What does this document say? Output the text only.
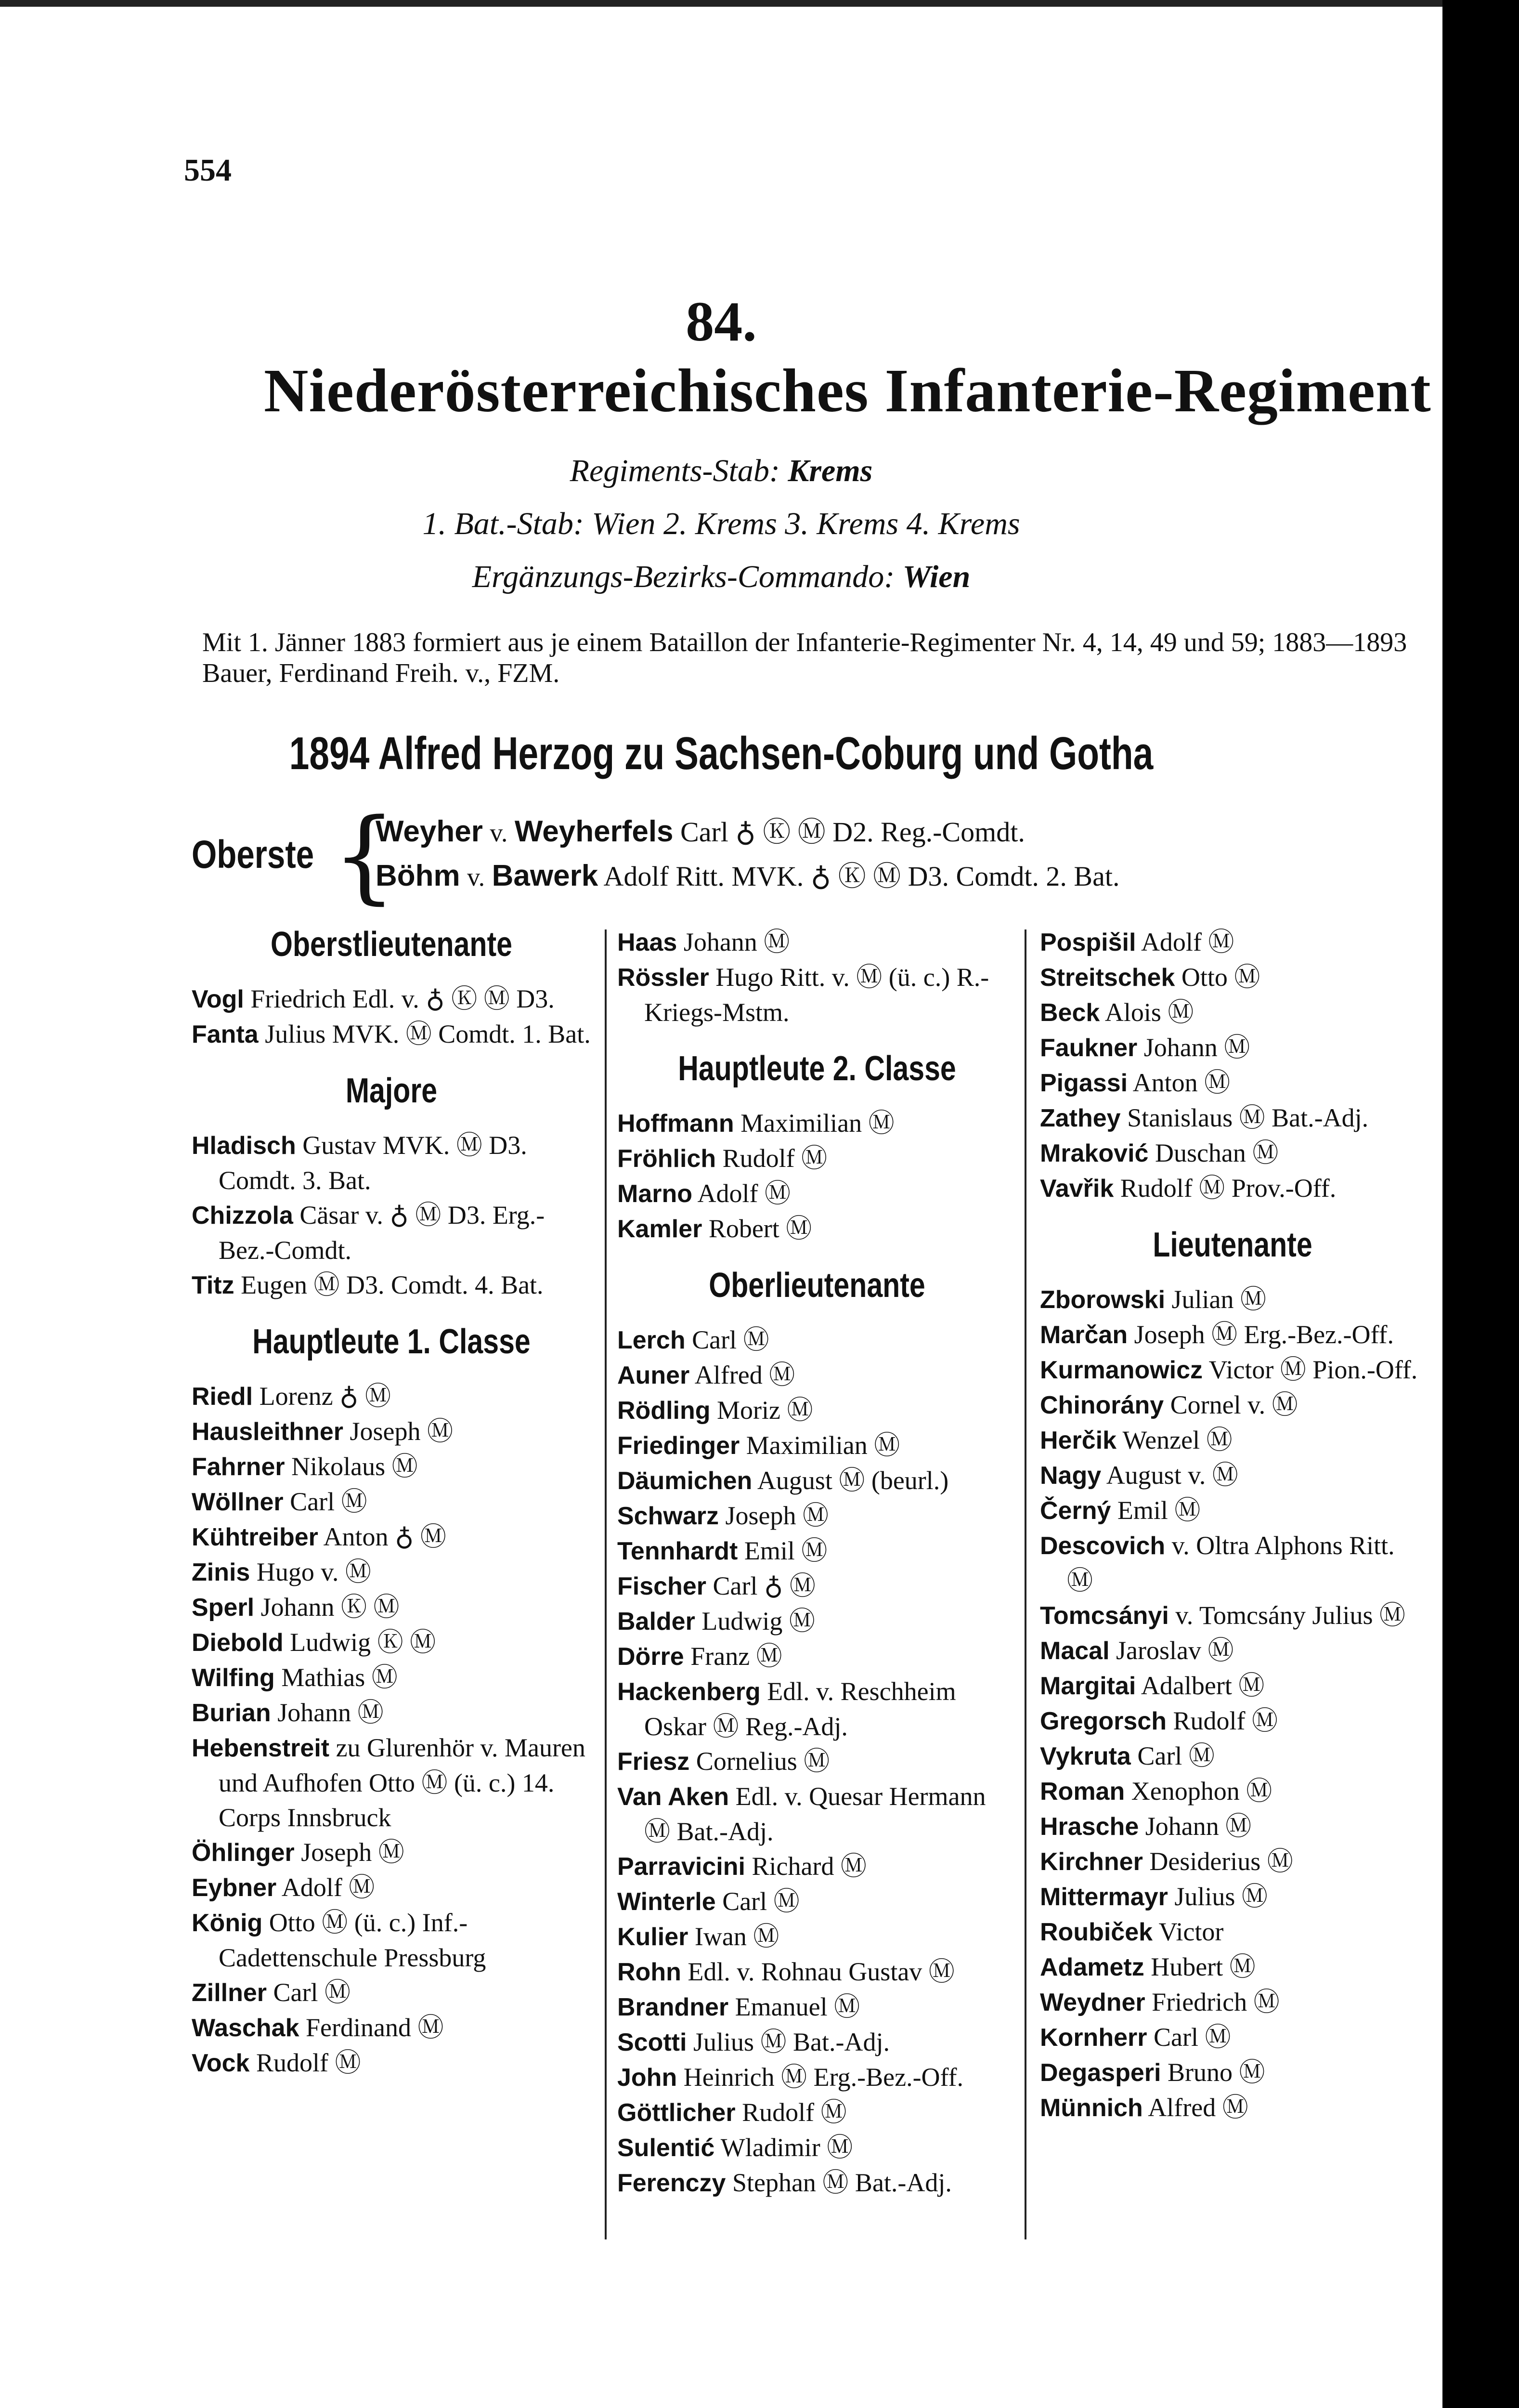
554
84.
Niederösterreichisches Infanterie-Regiment
Regiments-Stab: Krems
1. Bat.-Stab: Wien 2. Krems 3. Krems 4. Krems
Ergänzungs-Bezirks-Commando: Wien
Mit 1. Jänner 1883 formiert aus je einem Bataillon der Infanterie-Regimenter Nr. 4, 14, 49 und 59; 1883—1893 Bauer, Ferdinand Freih. v., FZM.
1894 Alfred Herzog zu Sachsen-Coburg und Gotha
Oberste {
Weyher v. Weyherfels Carl ♁ Ⓚ Ⓜ D2. Reg.-Comdt.
Böhm v. Bawerk Adolf Ritt. MVK. ♁ Ⓚ Ⓜ D3. Comdt. 2. Bat.
Oberstlieutenante
Vogl Friedrich Edl. v. ♁ Ⓚ Ⓜ D3.
Fanta Julius MVK. Ⓜ Comdt. 1. Bat.
Majore
Hladisch Gustav MVK. Ⓜ D3. Comdt. 3. Bat.
Chizzola Cäsar v. ♁ Ⓜ D3. Erg.-Bez.-Comdt.
Titz Eugen Ⓜ D3. Comdt. 4. Bat.
Hauptleute 1. Classe
Riedl Lorenz ♁ Ⓜ
Hausleithner Joseph Ⓜ
Fahrner Nikolaus Ⓜ
Wöllner Carl Ⓜ
Kühtreiber Anton ♁ Ⓜ
Zinis Hugo v. Ⓜ
Sperl Johann Ⓚ Ⓜ
Diebold Ludwig Ⓚ Ⓜ
Wilfing Mathias Ⓜ
Burian Johann Ⓜ
Hebenstreit zu Glurenhör v. Mauren und Aufhofen Otto Ⓜ (ü. c.) 14. Corps Innsbruck
Öhlinger Joseph Ⓜ
Eybner Adolf Ⓜ
König Otto Ⓜ (ü. c.) Inf.-Cadettenschule Pressburg
Zillner Carl Ⓜ
Waschak Ferdinand Ⓜ
Vock Rudolf Ⓜ
Haas Johann Ⓜ
Rössler Hugo Ritt. v. Ⓜ (ü. c.) R.-Kriegs-Mstm.
Hauptleute 2. Classe
Hoffmann Maximilian Ⓜ
Fröhlich Rudolf Ⓜ
Marno Adolf Ⓜ
Kamler Robert Ⓜ
Oberlieutenante
Lerch Carl Ⓜ
Auner Alfred Ⓜ
Rödling Moriz Ⓜ
Friedinger Maximilian Ⓜ
Däumichen August Ⓜ (beurl.)
Schwarz Joseph Ⓜ
Tennhardt Emil Ⓜ
Fischer Carl ♁ Ⓜ
Balder Ludwig Ⓜ
Dörre Franz Ⓜ
Hackenberg Edl. v. Reschheim Oskar Ⓜ Reg.-Adj.
Friesz Cornelius Ⓜ
Van Aken Edl. v. Quesar Hermann Ⓜ Bat.-Adj.
Parravicini Richard Ⓜ
Winterle Carl Ⓜ
Kulier Iwan Ⓜ
Rohn Edl. v. Rohnau Gustav Ⓜ
Brandner Emanuel Ⓜ
Scotti Julius Ⓜ Bat.-Adj.
John Heinrich Ⓜ Erg.-Bez.-Off.
Göttlicher Rudolf Ⓜ
Sulentić Wladimir Ⓜ
Ferenczy Stephan Ⓜ Bat.-Adj.
Pospišil Adolf Ⓜ
Streitschek Otto Ⓜ
Beck Alois Ⓜ
Faukner Johann Ⓜ
Pigassi Anton Ⓜ
Zathey Stanislaus Ⓜ Bat.-Adj.
Mraković Duschan Ⓜ
Vavřik Rudolf Ⓜ Prov.-Off.
Lieutenante
Zborowski Julian Ⓜ
Marčan Joseph Ⓜ Erg.-Bez.-Off.
Kurmanowicz Victor Ⓜ Pion.-Off.
Chinorány Cornel v. Ⓜ
Herčik Wenzel Ⓜ
Nagy August v. Ⓜ
Černý Emil Ⓜ
Descovich v. Oltra Alphons Ritt. Ⓜ
Tomcsányi v. Tomcsány Julius Ⓜ
Macal Jaroslav Ⓜ
Margitai Adalbert Ⓜ
Gregorsch Rudolf Ⓜ
Vykruta Carl Ⓜ
Roman Xenophon Ⓜ
Hrasche Johann Ⓜ
Kirchner Desiderius Ⓜ
Mittermayr Julius Ⓜ
Roubiček Victor
Adametz Hubert Ⓜ
Weydner Friedrich Ⓜ
Kornherr Carl Ⓜ
Degasperi Bruno Ⓜ
Münnich Alfred Ⓜ
